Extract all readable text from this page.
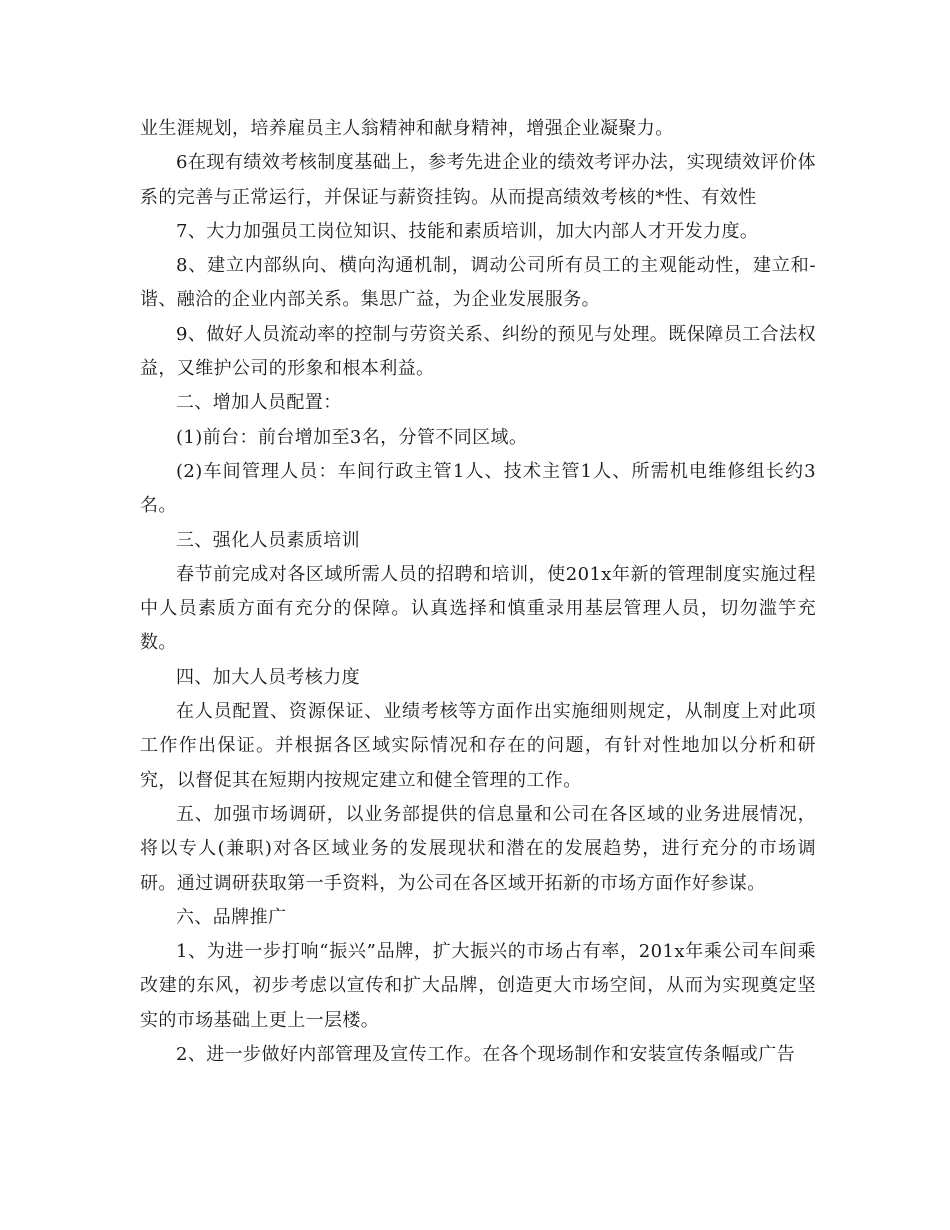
业生涯规划，培养雇员主人翁精神和献身精神，增强企业凝聚力。

6在现有绩效考核制度基础上，参考先进企业的绩效考评办法，实现绩效评价体系的完善与正常运行，并保证与薪资挂钩。从而提高绩效考核的*性、有效性

7、大力加强员工岗位知识、技能和素质培训，加大内部人才开发力度。

8、建立内部纵向、横向沟通机制，调动公司所有员工的主观能动性，建立和-谐、融洽的企业内部关系。集思广益，为企业发展服务。

9、做好人员流动率的控制与劳资关系、纠纷的预见与处理。既保障员工合法权益，又维护公司的形象和根本利益。

二、增加人员配置：

(1)前台：前台增加至3名，分管不同区域。

(2)车间管理人员：车间行政主管1人、技术主管1人、所需机电维修组长约3名。

三、强化人员素质培训

春节前完成对各区域所需人员的招聘和培训，使201x年新的管理制度实施过程中人员素质方面有充分的保障。认真选择和慎重录用基层管理人员，切勿滥竽充数。

四、加大人员考核力度

在人员配置、资源保证、业绩考核等方面作出实施细则规定，从制度上对此项工作作出保证。并根据各区域实际情况和存在的问题，有针对性地加以分析和研究，以督促其在短期内按规定建立和健全管理的工作。

五、加强市场调研，以业务部提供的信息量和公司在各区域的业务进展情况，将以专人(兼职)对各区域业务的发展现状和潜在的发展趋势，进行充分的市场调研。通过调研获取第一手资料，为公司在各区域开拓新的市场方面作好参谋。

六、品牌推广

1、为进一步打响“振兴”品牌，扩大振兴的市场占有率，201x年乘公司车间乘改建的东风，初步考虑以宣传和扩大品牌，创造更大市场空间，从而为实现奠定坚实的市场基础上更上一层楼。

2、进一步做好内部管理及宣传工作。在各个现场制作和安装宣传条幅或广告
